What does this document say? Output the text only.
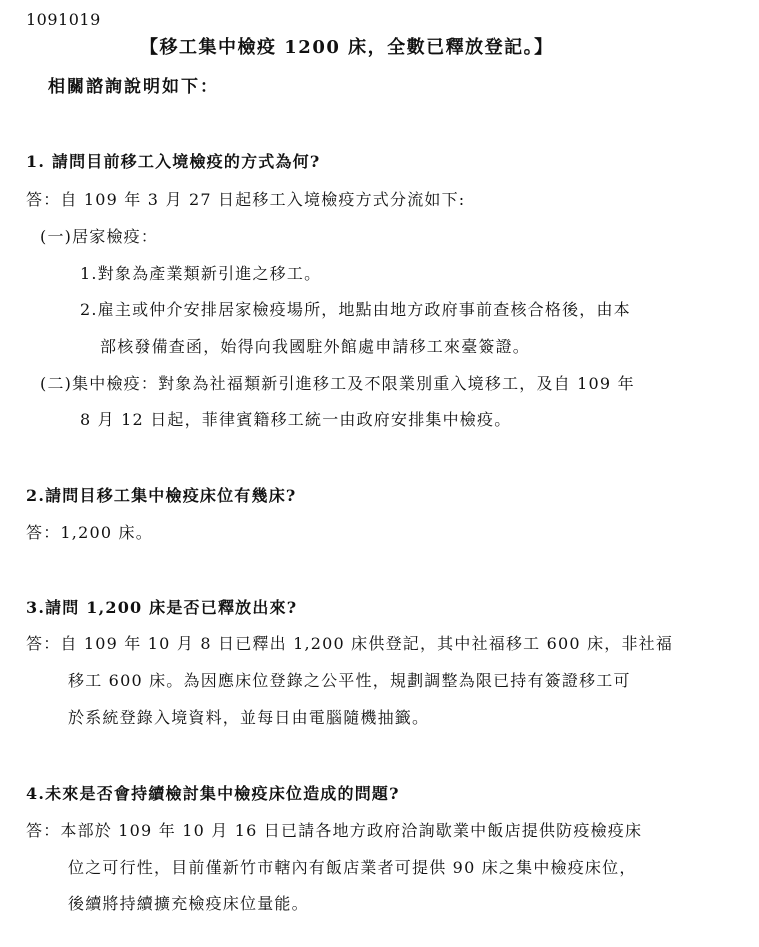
1091019
【移工集中檢疫 1200 床，全數已釋放登記。】
相關諮詢說明如下：
1. 請問目前移工入境檢疫的方式為何?
答：自 109 年 3 月 27 日起移工入境檢疫方式分流如下:
(一)居家檢疫：
1.對象為產業類新引進之移工。
2.雇主或仲介安排居家檢疫場所，地點由地方政府事前查核合格後，由本
部核發備查函，始得向我國駐外館處申請移工來臺簽證。
(二)集中檢疫：對象為社福類新引進移工及不限業別重入境移工，及自 109 年
8 月 12 日起，菲律賓籍移工統一由政府安排集中檢疫。
2.請問目移工集中檢疫床位有幾床?
答：1,200 床。
3.請問 1,200 床是否已釋放出來?
答：自 109 年 10 月 8 日已釋出 1,200 床供登記，其中社福移工 600 床，非社福
移工 600 床。為因應床位登錄之公平性，規劃調整為限已持有簽證移工可
於系統登錄入境資料，並每日由電腦隨機抽籤。
4.未來是否會持續檢討集中檢疫床位造成的問題?
答：本部於 109 年 10 月 16 日已請各地方政府洽詢歇業中飯店提供防疫檢疫床
位之可行性，目前僅新竹市轄內有飯店業者可提供 90 床之集中檢疫床位，
後續將持續擴充檢疫床位量能。
